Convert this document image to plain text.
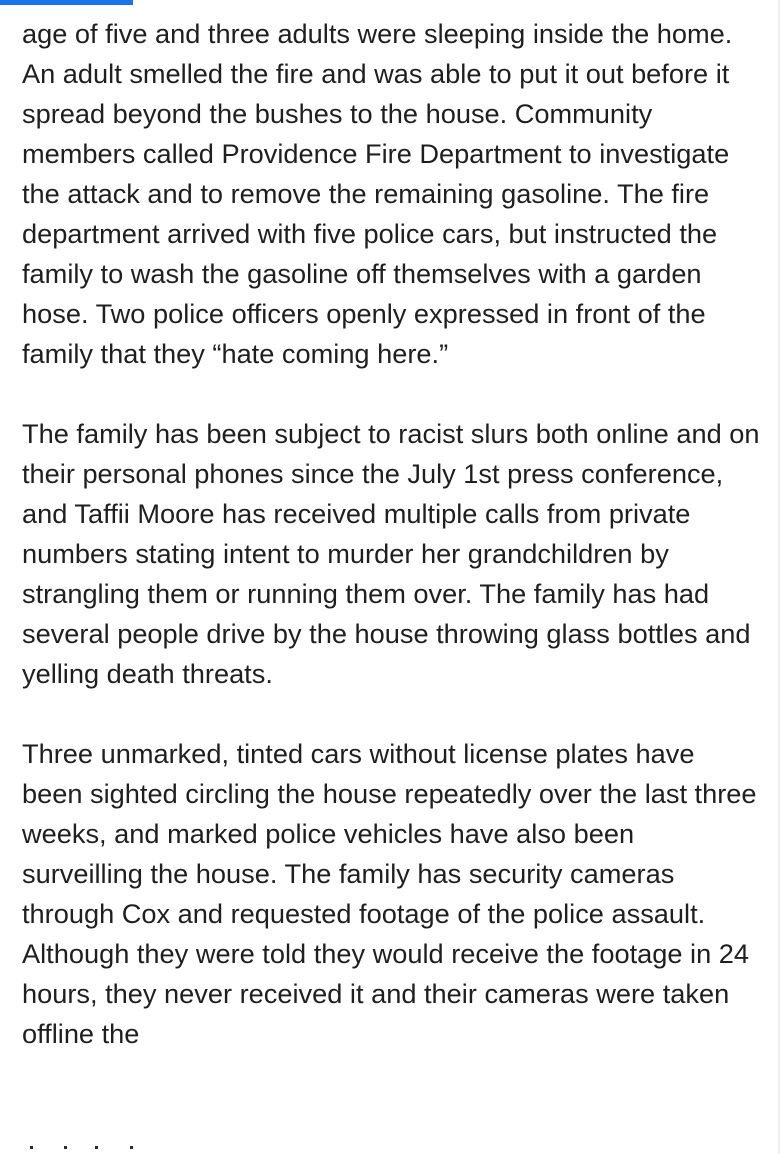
age of five and three adults were sleeping inside the home. An adult smelled the fire and was able to put it out before it spread beyond the bushes to the house. Community members called Providence Fire Department to investigate the attack and to remove the remaining gasoline. The fire department arrived with five police cars, but instructed the family to wash the gasoline off themselves with a garden hose. Two police officers openly expressed in front of the family that they “hate coming here.”

The family has been subject to racist slurs both online and on their personal phones since the July 1st press conference, and Taffii Moore has received multiple calls from private numbers stating intent to murder her grandchildren by strangling them or running them over. The family has had several people drive by the house throwing glass bottles and yelling death threats.

Three unmarked, tinted cars without license plates have been sighted circling the house repeatedly over the last three weeks, and marked police vehicles have also been surveilling the house. The family has security cameras through Cox and requested footage of the police assault. Although they were told they would receive the footage in 24 hours, they never received it and their cameras were taken offline the
